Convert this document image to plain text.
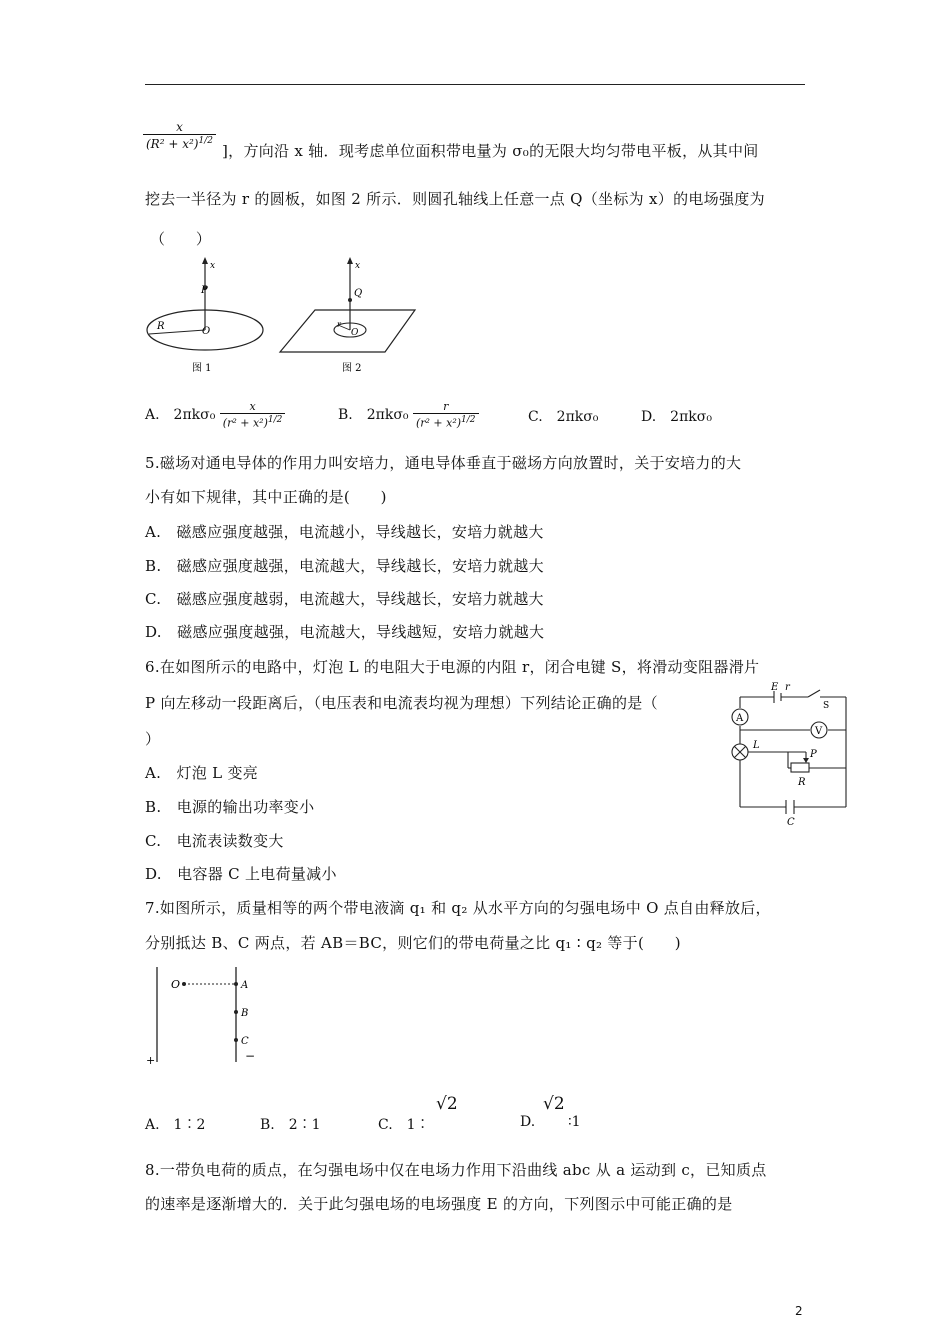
$\frac{x}{(R^2 + x^2)^{1/2}}$ ]，方向沿 x 轴．现考虑单位面积带电量为 σ₀的无限大均匀带电平板，从其中间
挖去一半径为 r 的圆板，如图 2 所示．则圆孔轴线上任意一点 Q（坐标为 x）的电场强度为
（　　）
x
P
R	O
图 1
x
Q
r
O
图 2
A.　$2\pi k\sigma_0 \frac{x}{(r^2 + x^2)^{1/2}}$	B.　$2\pi k\sigma_0 \frac{r}{(r^2 + x^2)^{1/2}}$	C.　2πkσ₀	D.　2πkσ₀
5.磁场对通电导体的作用力叫安培力，通电导体垂直于磁场方向放置时，关于安培力的大
小有如下规律，其中正确的是(　　)
A.　磁感应强度越强，电流越小，导线越长，安培力就越大
B.　磁感应强度越强，电流越大，导线越长，安培力就越大
C.　磁感应强度越弱，电流越大，导线越长，安培力就越大
D.　磁感应强度越强，电流越大，导线越短，安培力就越大
6.在如图所示的电路中，灯泡 L 的电阻大于电源的内阻 r，闭合电键 S，将滑动变阻器滑片
P 向左移动一段距离后，（电压表和电流表均视为理想）下列结论正确的是（
）
A.　灯泡 L 变亮
B.　电源的输出功率变小
C.　电流表读数变大
D.　电容器 C 上电荷量减小
A
V
E r
S
L
P
R
C
7.如图所示，质量相等的两个带电液滴 q₁ 和 q₂ 从水平方向的匀强电场中 O 点自由释放后，
分别抵达 B、C 两点，若 AB＝BC，则它们的带电荷量之比 q₁ ∶ q₂ 等于(　　)
O	A
B
C
+	−
A.　1∶2	B.　2∶1	C.　1∶
√2
D.
√2
∶1
8.一带负电荷的质点，在匀强电场中仅在电场力作用下沿曲线 abc 从 a 运动到 c，已知质点
的速率是逐渐增大的．关于此匀强电场的电场强度 E 的方向，下列图示中可能正确的是
2
